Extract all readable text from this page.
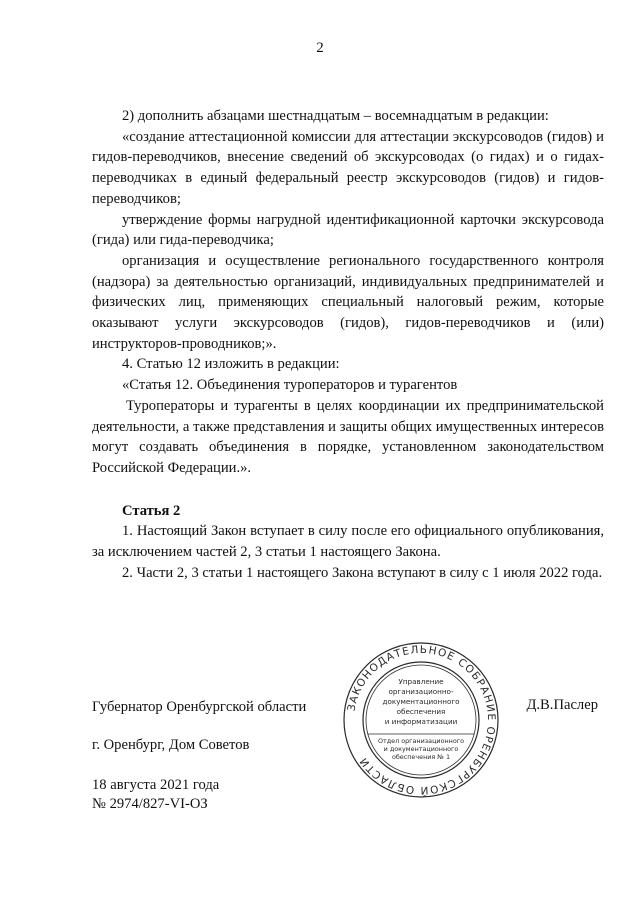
2

2) дополнить абзацами шестнадцатым – восемнадцатым в редакции:

«создание аттестационной комиссии для аттестации экскурсоводов (гидов) и гидов-переводчиков, внесение сведений об экскурсоводах (о гидах) и о гидах-переводчиках в единый федеральный реестр экскурсоводов (гидов) и гидов-переводчиков;

утверждение формы нагрудной идентификационной карточки экскурсовода (гида) или гида-переводчика;

организация и осуществление регионального государственного контроля (надзора) за деятельностью организаций, индивидуальных предпринимателей и физических лиц, применяющих специальный налоговый режим, которые оказывают услуги экскурсоводов (гидов), гидов-переводчиков и (или) инструкторов-проводников;».

4. Статью 12 изложить в редакции:

«Статья 12. Объединения туроператоров и турагентов

Туроператоры и турагенты в целях координации их предпринимательской деятельности, а также представления и защиты общих имущественных интересов могут создавать объединения в порядке, установленном законодательством Российской Федерации.».

Статья 2

1. Настоящий Закон вступает в силу после его официального опубликования, за исключением частей 2, 3 статьи 1 настоящего Закона.

2. Части 2, 3 статьи 1 настоящего Закона вступают в силу с 1 июля 2022 года.

Губернатор Оренбургской области
г. Оренбург, Дом Советов
18 августа 2021 года
№ 2974/827-VI-ОЗ
Д.В.Паслер
ЗАКОНОДАТЕЛЬНОЕ СОБРАНИЕ ОРЕНБУРГСКОЙ ОБЛАСТИ
Управление
организационно-
документационного
обеспечения
и информатизации
Отдел организационного
и документационного
обеспечения № 1
